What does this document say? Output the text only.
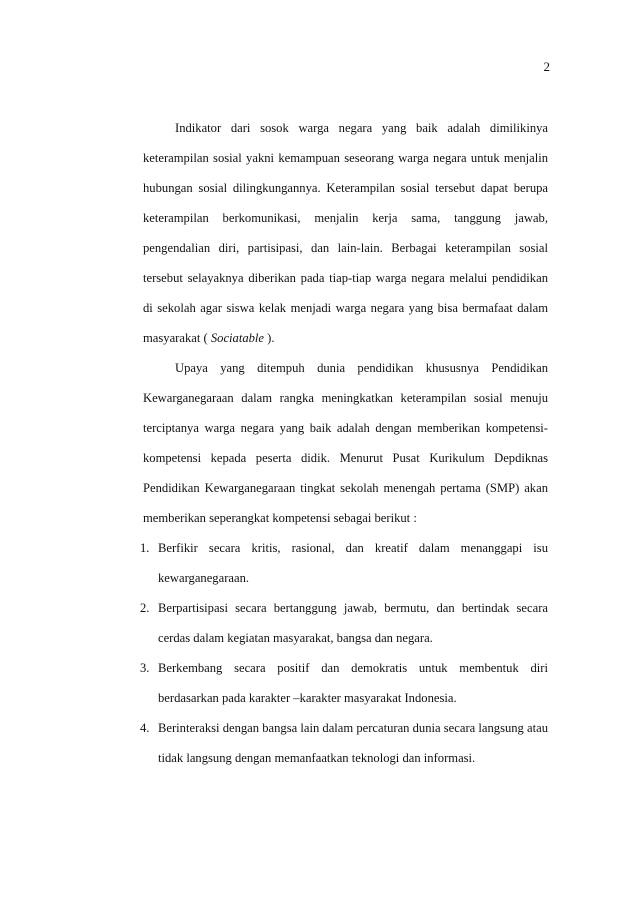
2

Indikator dari sosok warga negara yang baik adalah dimilikinya keterampilan sosial yakni kemampuan seseorang warga negara untuk menjalin hubungan sosial dilingkungannya. Keterampilan sosial tersebut dapat berupa keterampilan berkomunikasi, menjalin kerja sama, tanggung jawab, pengendalian diri, partisipasi, dan lain-lain. Berbagai keterampilan sosial tersebut selayaknya diberikan pada tiap-tiap warga negara melalui pendidikan di sekolah agar siswa kelak menjadi warga negara yang bisa bermafaat dalam masyarakat ( Sociatable ).

Upaya yang ditempuh dunia pendidikan khususnya Pendidikan Kewarganegaraan dalam rangka meningkatkan keterampilan sosial menuju terciptanya warga negara yang baik adalah dengan memberikan kompetensi-kompetensi kepada peserta didik. Menurut Pusat Kurikulum Depdiknas Pendidikan Kewarganegaraan tingkat sekolah menengah pertama (SMP) akan memberikan seperangkat kompetensi sebagai berikut :

1. Berfikir secara kritis, rasional, dan kreatif dalam menanggapi isu kewarganegaraan.
2. Berpartisipasi secara bertanggung jawab, bermutu, dan bertindak secara cerdas dalam kegiatan masyarakat, bangsa dan negara.
3. Berkembang secara positif dan demokratis untuk membentuk diri berdasarkan pada karakter –karakter masyarakat Indonesia.
4. Berinteraksi dengan bangsa lain dalam percaturan dunia secara langsung atau tidak langsung dengan memanfaatkan teknologi dan informasi.
